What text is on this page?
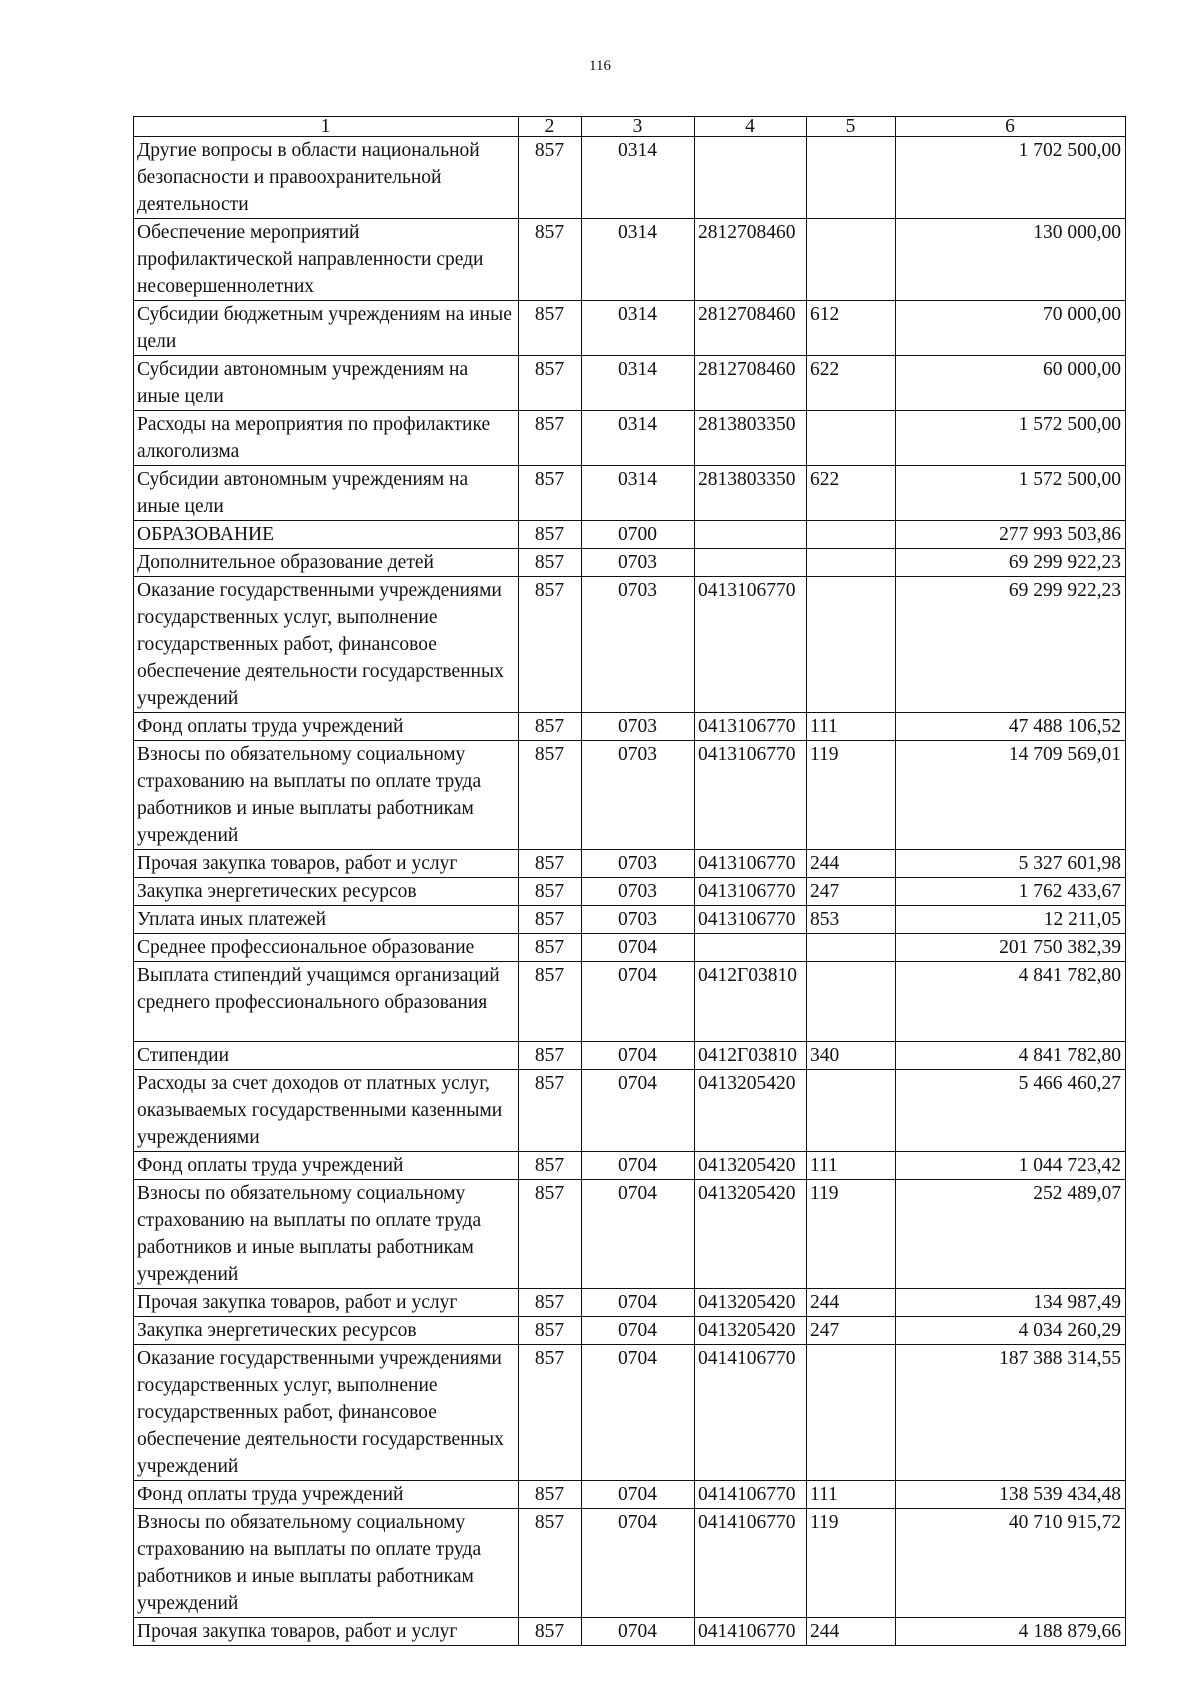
116
1	2	3	4	5	6
Другие вопросы в области национальной безопасности и правоохранительной деятельности	857	0314			1 702 500,00
Обеспечение мероприятий профилактической направленности среди несовершеннолетних	857	0314	2812708460		130 000,00
Субсидии бюджетным учреждениям на иные цели	857	0314	2812708460	612	70 000,00
Субсидии автономным учреждениям на иные цели	857	0314	2812708460	622	60 000,00
Расходы на мероприятия по профилактике алкоголизма	857	0314	2813803350		1 572 500,00
Субсидии автономным учреждениям на иные цели	857	0314	2813803350	622	1 572 500,00
ОБРАЗОВАНИЕ	857	0700			277 993 503,86
Дополнительное образование детей	857	0703			69 299 922,23
Оказание государственными учреждениями государственных услуг, выполнение государственных работ, финансовое обеспечение деятельности государственных учреждений	857	0703	0413106770		69 299 922,23
Фонд оплаты труда учреждений	857	0703	0413106770	111	47 488 106,52
Взносы по обязательному социальному страхованию на выплаты по оплате труда работников и иные выплаты работникам учреждений	857	0703	0413106770	119	14 709 569,01
Прочая закупка товаров, работ и услуг	857	0703	0413106770	244	5 327 601,98
Закупка энергетических ресурсов	857	0703	0413106770	247	1 762 433,67
Уплата иных платежей	857	0703	0413106770	853	12 211,05
Среднее профессиональное образование	857	0704			201 750 382,39
Выплата стипендий учащимся организаций среднего профессионального образования	857	0704	0412Г03810		4 841 782,80
Стипендии	857	0704	0412Г03810	340	4 841 782,80
Расходы за счет доходов от платных услуг, оказываемых государственными казенными учреждениями	857	0704	0413205420		5 466 460,27
Фонд оплаты труда учреждений	857	0704	0413205420	111	1 044 723,42
Взносы по обязательному социальному страхованию на выплаты по оплате труда работников и иные выплаты работникам учреждений	857	0704	0413205420	119	252 489,07
Прочая закупка товаров, работ и услуг	857	0704	0413205420	244	134 987,49
Закупка энергетических ресурсов	857	0704	0413205420	247	4 034 260,29
Оказание государственными учреждениями государственных услуг, выполнение государственных работ, финансовое обеспечение деятельности государственных учреждений	857	0704	0414106770		187 388 314,55
Фонд оплаты труда учреждений	857	0704	0414106770	111	138 539 434,48
Взносы по обязательному социальному страхованию на выплаты по оплате труда работников и иные выплаты работникам учреждений	857	0704	0414106770	119	40 710 915,72
Прочая закупка товаров, работ и услуг	857	0704	0414106770	244	4 188 879,66
